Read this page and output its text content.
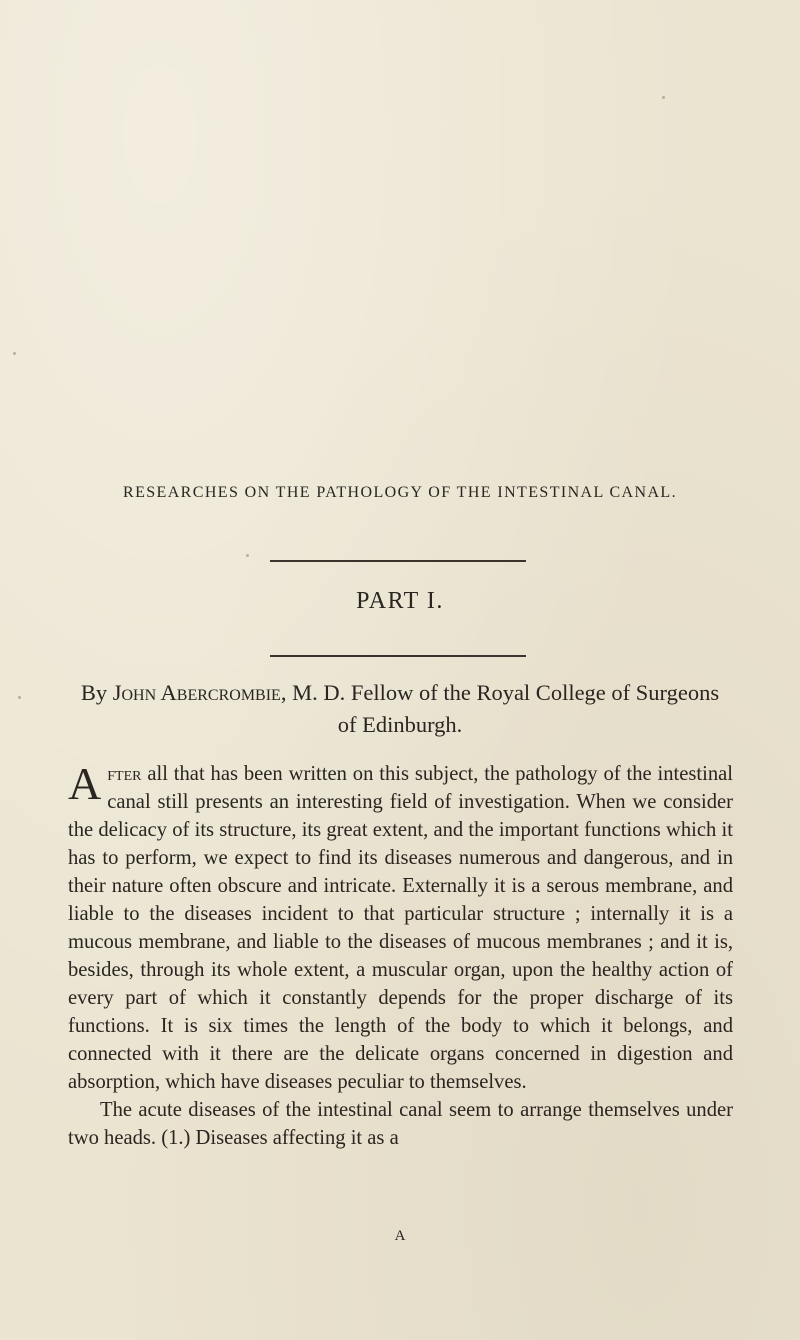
RESEARCHES ON THE PATHOLOGY OF THE INTESTINAL CANAL.
PART I.
By John Abercrombie, M. D. Fellow of the Royal College of Surgeons of Edinburgh.

After all that has been written on this subject, the pathology of the intestinal canal still presents an interesting field of investigation. When we consider the delicacy of its structure, its great extent, and the important functions which it has to perform, we expect to find its diseases numerous and dangerous, and in their nature often obscure and intricate. Externally it is a serous membrane, and liable to the diseases incident to that particular structure ; internally it is a mucous membrane, and liable to the diseases of mucous membranes ; and it is, besides, through its whole extent, a muscular organ, upon the healthy action of every part of which it constantly depends for the proper discharge of its functions. It is six times the length of the body to which it belongs, and connected with it there are the delicate organs concerned in digestion and absorption, which have diseases peculiar to themselves.

The acute diseases of the intestinal canal seem to arrange themselves under two heads. (1.) Diseases affecting it as a

A
